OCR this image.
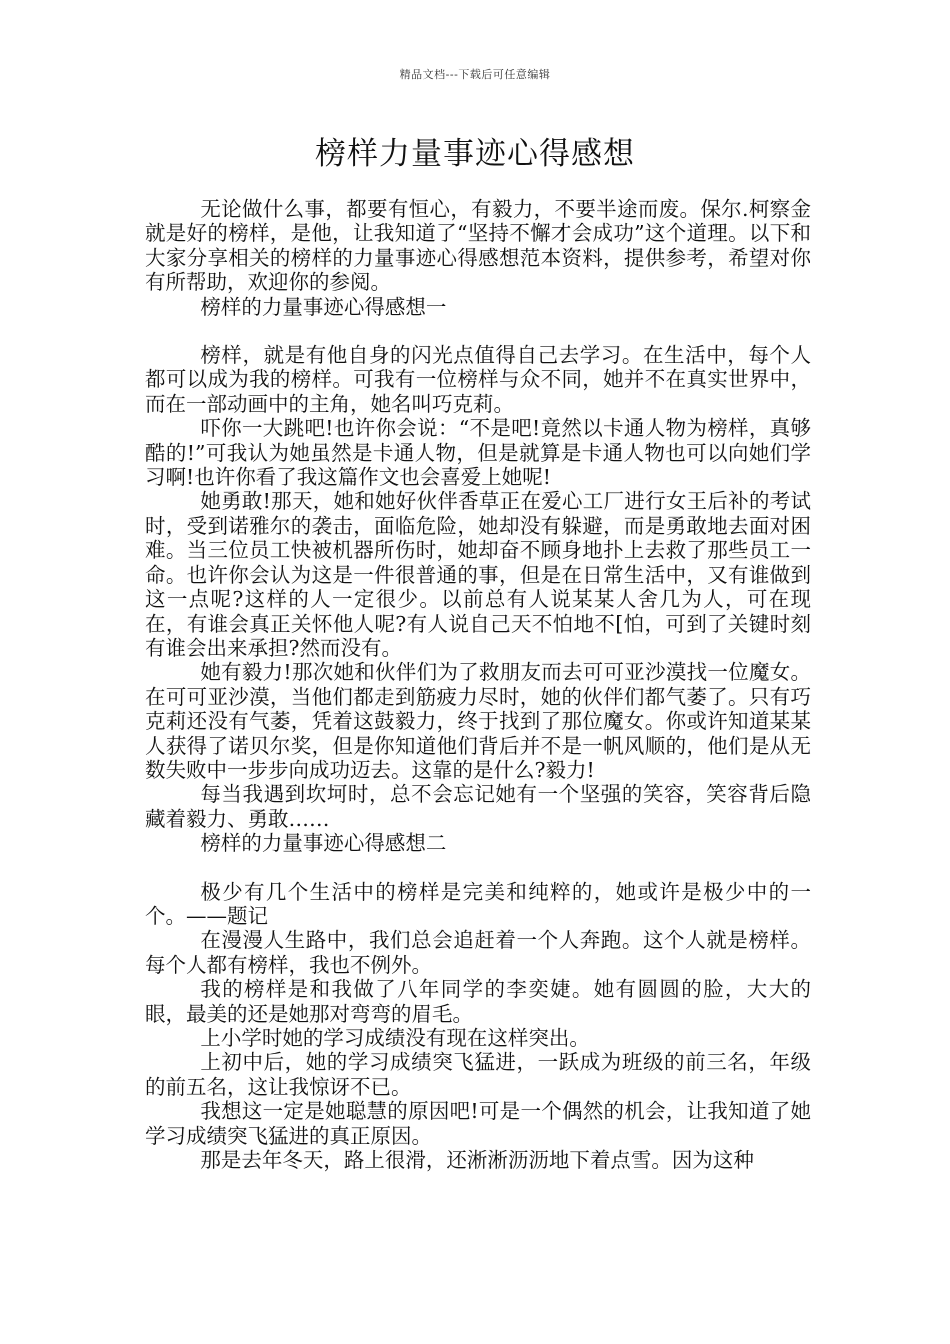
精品文档---下载后可任意编辑
榜样力量事迹心得感想

无论做什么事，都要有恒心，有毅力，不要半途而废。保尔.柯察金就是好的榜样，是他，让我知道了“坚持不懈才会成功”这个道理。以下和大家分享相关的榜样的力量事迹心得感想范本资料，提供参考，希望对你有所帮助，欢迎你的参阅。

榜样的力量事迹心得感想一

榜样，就是有他自身的闪光点值得自己去学习。在生活中，每个人都可以成为我的榜样。可我有一位榜样与众不同，她并不在真实世界中，而在一部动画中的主角，她名叫巧克莉。

吓你一大跳吧!也许你会说：“不是吧!竟然以卡通人物为榜样，真够酷的!”可我认为她虽然是卡通人物，但是就算是卡通人物也可以向她们学习啊!也许你看了我这篇作文也会喜爱上她呢!

她勇敢!那天，她和她好伙伴香草正在爱心工厂进行女王后补的考试时，受到诺雅尔的袭击，面临危险，她却没有躲避，而是勇敢地去面对困难。当三位员工快被机器所伤时，她却奋不顾身地扑上去救了那些员工一命。也许你会认为这是一件很普通的事，但是在日常生活中，又有谁做到这一点呢?这样的人一定很少。以前总有人说某某人舍几为人，可在现在，有谁会真正关怀他人呢?有人说自己天不怕地不[怕，可到了关键时刻有谁会出来承担?然而没有。

她有毅力!那次她和伙伴们为了救朋友而去可可亚沙漠找一位魔女。在可可亚沙漠，当他们都走到筋疲力尽时，她的伙伴们都气萎了。只有巧克莉还没有气萎，凭着这鼓毅力，终于找到了那位魔女。你或许知道某某人获得了诺贝尔奖，但是你知道他们背后并不是一帆风顺的，他们是从无数失败中一步步向成功迈去。这靠的是什么?毅力!

每当我遇到坎坷时，总不会忘记她有一个坚强的笑容，笑容背后隐藏着毅力、勇敢……

榜样的力量事迹心得感想二

极少有几个生活中的榜样是完美和纯粹的，她或许是极少中的一个。——题记

在漫漫人生路中，我们总会追赶着一个人奔跑。这个人就是榜样。每个人都有榜样，我也不例外。

我的榜样是和我做了八年同学的李奕婕。她有圆圆的脸，大大的眼，最美的还是她那对弯弯的眉毛。

上小学时她的学习成绩没有现在这样突出。

上初中后，她的学习成绩突飞猛进，一跃成为班级的前三名，年级的前五名，这让我惊讶不已。

我想这一定是她聪慧的原因吧!可是一个偶然的机会，让我知道了她学习成绩突飞猛进的真正原因。

那是去年冬天，路上很滑，还淅淅沥沥地下着点雪。因为这种
